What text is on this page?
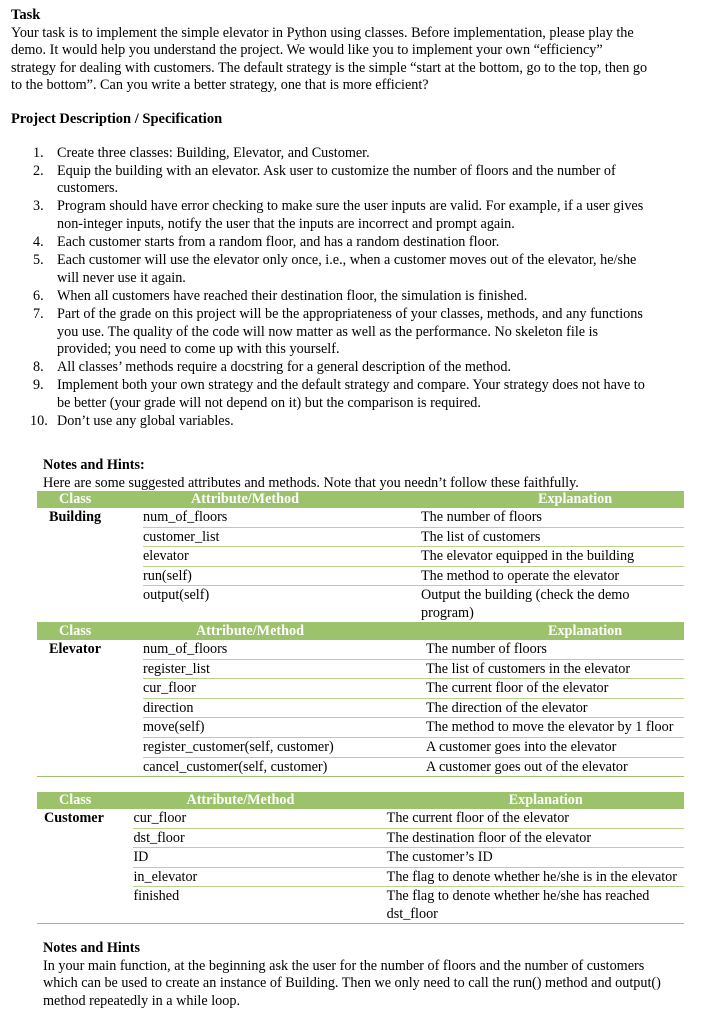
Task

Your task is to implement the simple elevator in Python using classes. Before implementation, please play the demo. It would help you understand the project. We would like you to implement your own “efficiency” strategy for dealing with customers. The default strategy is the simple “start at the bottom, go to the top, then go to the bottom”. Can you write a better strategy, one that is more efficient?

Project Description / Specification
1. Create three classes: Building, Elevator, and Customer.
2. Equip the building with an elevator. Ask user to customize the number of floors and the number of customers.
3. Program should have error checking to make sure the user inputs are valid. For example, if a user gives non-integer inputs, notify the user that the inputs are incorrect and prompt again.
4. Each customer starts from a random floor, and has a random destination floor.
5. Each customer will use the elevator only once, i.e., when a customer moves out of the elevator, he/she will never use it again.
6. When all customers have reached their destination floor, the simulation is finished.
7. Part of the grade on this project will be the appropriateness of your classes, methods, and any functions you use. The quality of the code will now matter as well as the performance. No skeleton file is provided; you need to come up with this yourself.
8. All classes’ methods require a docstring for a general description of the method.
9. Implement both your own strategy and the default strategy and compare. Your strategy does not have to be better (your grade will not depend on it) but the comparison is required.
10. Don’t use any global variables.

Notes and Hints:

Here are some suggested attributes and methods. Note that you needn’t follow these faithfully.

Class	Attribute/Method	Explanation
Building	num_of_floors	The number of floors
	customer_list	The list of customers
	elevator	The elevator equipped in the building
	run(self)	The method to operate the elevator
	output(self)	Output the building (check the demo program)
Class	Attribute/Method	Explanation
Elevator	num_of_floors	The number of floors
	register_list	The list of customers in the elevator
	cur_floor	The current floor of the elevator
	direction	The direction of the elevator
	move(self)	The method to move the elevator by 1 floor
	register_customer(self, customer)	A customer goes into the elevator
	cancel_customer(self, customer)	A customer goes out of the elevator
Class	Attribute/Method	Explanation
Customer	cur_floor	The current floor of the elevator
	dst_floor	The destination floor of the elevator
	ID	The customer’s ID
	in_elevator	The flag to denote whether he/she is in the elevator
	finished	The flag to denote whether he/she has reached dst_floor

Notes and Hints

In your main function, at the beginning ask the user for the number of floors and the number of customers which can be used to create an instance of Building. Then we only need to call the run() method and output() method repeatedly in a while loop.
